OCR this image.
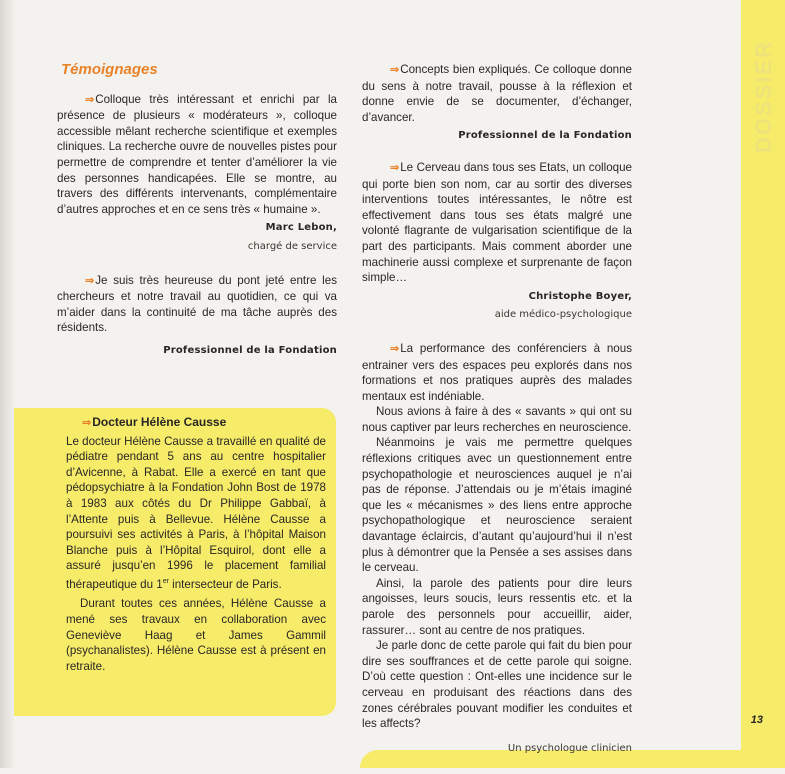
DOSSIER
13
Témoignages

⇒ Colloque très intéressant et enrichi par la présence de plusieurs « modérateurs », colloque accessible mêlant recherche scientifique et exemples cliniques. La recherche ouvre de nouvelles pistes pour permettre de comprendre et tenter d’améliorer la vie des personnes handicapées. Elle se montre, au travers des différents intervenants, complémentaire d’autres approches et en ce sens très « humaine ».

Marc Lebon,
chargé de service

⇒ Je suis très heureuse du pont jeté entre les chercheurs et notre travail au quotidien, ce qui va m’aider dans la continuité de ma tâche auprès des résidents.

Professionnel de la Fondation
⇒ Docteur Hélène Causse

Le docteur Hélène Causse a travaillé en qualité de pédiatre pendant 5 ans au centre hospitalier d’Avicenne, à Rabat. Elle a exercé en tant que pédopsychiatre à la Fondation John Bost de 1978 à 1983 aux côtés du Dr Philippe Gabbaï, à l’Attente puis à Bellevue. Hélène Causse a poursuivi ses activités à Paris, à l’hôpital Maison Blanche puis à l’Hôpital Esquirol, dont elle a assuré jusqu’en 1996 le placement familial thérapeutique du 1er intersecteur de Paris.

Durant toutes ces années, Hélène Causse a mené ses travaux en collaboration avec Geneviève Haag et James Gammil (psychanalistes). Hélène Causse est à présent en retraite.

⇒ Concepts bien expliqués. Ce colloque donne du sens à notre travail, pousse à la réflexion et donne envie de se documenter, d’échanger, d’avancer.

Professionnel de la Fondation

⇒ Le Cerveau dans tous ses Etats, un colloque qui porte bien son nom, car au sortir des diverses interventions toutes intéressantes, le nôtre est effectivement dans tous ses états malgré une volonté flagrante de vulgarisation scientifique de la part des participants. Mais comment aborder une machinerie aussi complexe et surprenante de façon simple…

Christophe Boyer,
aide médico-psychologique

⇒ La performance des conférenciers à nous entrainer vers des espaces peu explorés dans nos formations et nos pratiques auprès des malades mentaux est indéniable.

Nous avions à faire à des « savants » qui ont su nous captiver par leurs recherches en neuroscience.

Néanmoins je vais me permettre quelques réflexions critiques avec un questionnement entre psychopathologie et neurosciences auquel je n’ai pas de réponse. J’attendais ou je m’étais imaginé que les « mécanismes » des liens entre approche psychopathologique et neuroscience seraient davantage éclaircis, d’autant qu’aujourd’hui il n’est plus à démontrer que la Pensée a ses assises dans le cerveau.

Ainsi, la parole des patients pour dire leurs angoisses, leurs soucis, leurs ressentis etc. et la parole des personnels pour accueillir, aider, rassurer… sont au centre de nos pratiques.

Je parle donc de cette parole qui fait du bien pour dire ses souffrances et de cette parole qui soigne. D’où cette question : Ont-elles une incidence sur le cerveau en produisant des réactions dans des zones cérébrales pouvant modifier les conduites et les affects?

Un psychologue clinicien
